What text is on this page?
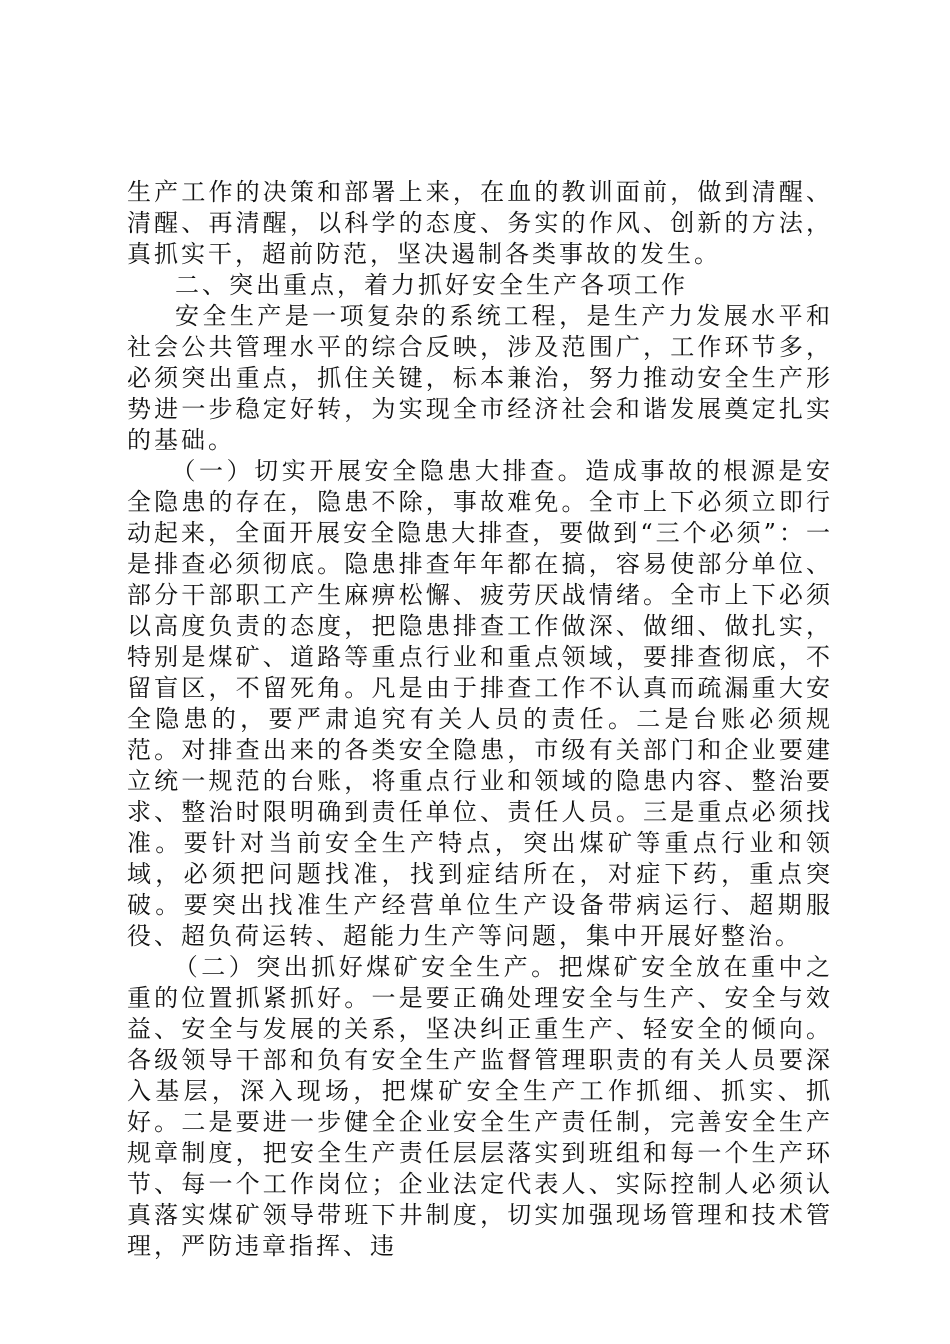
生产工作的决策和部署上来，在血的教训面前，做到清醒、清醒、再清醒，以科学的态度、务实的作风、创新的方法，真抓实干，超前防范，坚决遏制各类事故的发生。

二、突出重点，着力抓好安全生产各项工作

安全生产是一项复杂的系统工程，是生产力发展水平和社会公共管理水平的综合反映，涉及范围广，工作环节多，必须突出重点，抓住关键，标本兼治，努力推动安全生产形势进一步稳定好转，为实现全市经济社会和谐发展奠定扎实的基础。

（一）切实开展安全隐患大排查。造成事故的根源是安全隐患的存在，隐患不除，事故难免。全市上下必须立即行动起来，全面开展安全隐患大排查，要做到“三个必须”：一是排查必须彻底。隐患排查年年都在搞，容易使部分单位、部分干部职工产生麻痹松懈、疲劳厌战情绪。全市上下必须以高度负责的态度，把隐患排查工作做深、做细、做扎实，特别是煤矿、道路等重点行业和重点领域，要排查彻底，不留盲区，不留死角。凡是由于排查工作不认真而疏漏重大安全隐患的，要严肃追究有关人员的责任。二是台账必须规范。对排查出来的各类安全隐患，市级有关部门和企业要建立统一规范的台账，将重点行业和领域的隐患内容、整治要求、整治时限明确到责任单位、责任人员。三是重点必须找准。要针对当前安全生产特点，突出煤矿等重点行业和领域，必须把问题找准，找到症结所在，对症下药，重点突破。要突出找准生产经营单位生产设备带病运行、超期服役、超负荷运转、超能力生产等问题，集中开展好整治。

（二）突出抓好煤矿安全生产。把煤矿安全放在重中之重的位置抓紧抓好。一是要正确处理安全与生产、安全与效益、安全与发展的关系，坚决纠正重生产、轻安全的倾向。各级领导干部和负有安全生产监督管理职责的有关人员要深入基层，深入现场，把煤矿安全生产工作抓细、抓实、抓好。二是要进一步健全企业安全生产责任制，完善安全生产规章制度，把安全生产责任层层落实到班组和每一个生产环节、每一个工作岗位；企业法定代表人、实际控制人必须认真落实煤矿领导带班下井制度，切实加强现场管理和技术管理，严防违章指挥、违
